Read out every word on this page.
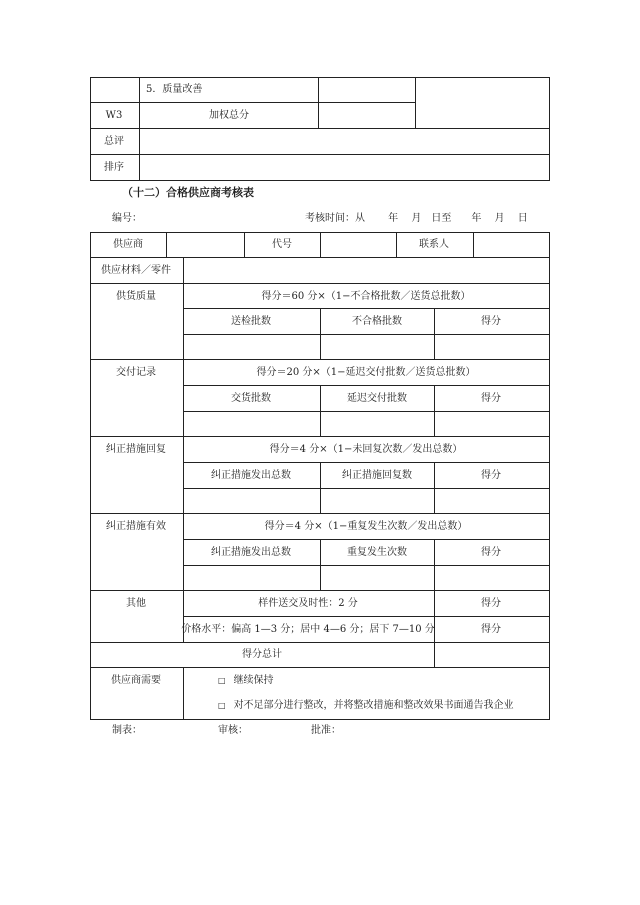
5．质量改善
W3	加权总分
总评
排序
（十二）合格供应商考核表
编号：	考核时间：从　　 年　 月　日至　　年　 月　 日
供应商	代号	联系人
供应材料／零件
供货质量	得分＝60 分×（1−不合格批数／送货总批数）
送检批数	不合格批数	得分
交付记录	得分＝20 分×（1−延迟交付批数／送货总批数）
交货批数	延迟交付批数	得分
纠正措施回复	得分＝4 分×（1−未回复次数／发出总数）
纠正措施发出总数	纠正措施回复数	得分
纠正措施有效	得分＝4 分×（1−重复发生次数／发出总数）
纠正措施发出总数	重复发生次数	得分
其他	样件送交及时性：2 分	得分
价格水平：偏高 1—3 分；居中 4—6 分；居下 7—10 分	得分
得分总计
供应商需要	□ 继续保持
□ 对不足部分进行整改，并将整改措施和整改效果书面通告我企业
制表：	审核：	批准：
